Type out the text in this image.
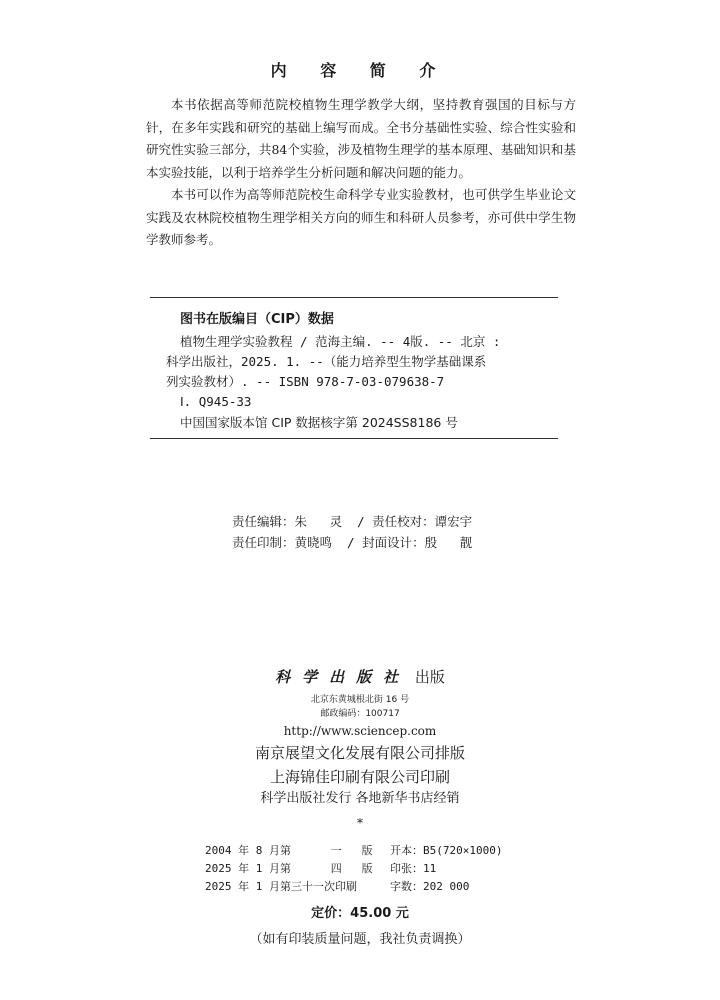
内 容 简 介

本书依据高等师范院校植物生理学教学大纲，坚持教育强国的目标与方针，在多年实践和研究的基础上编写而成。全书分基础性实验、综合性实验和研究性实验三部分，共84个实验，涉及植物生理学的基本原理、基础知识和基本实验技能，以利于培养学生分析问题和解决问题的能力。

本书可以作为高等师范院校生命科学专业实验教材，也可供学生毕业论文实践及农林院校植物生理学相关方向的师生和科研人员参考，亦可供中学生物学教师参考。

图书在版编目（CIP）数据
植物生理学实验教程 / 范海主编. -- 4版. -- 北京 :
科学出版社，2025. 1. --（能力培养型生物学基础课系
列实验教材）. -- ISBN 978-7-03-079638-7
Ⅰ. Q945-33
中国国家版本馆 CIP 数据核字第 2024SS8186 号
责任编辑：朱   灵  / 责任校对：谭宏宇
责任印制：黄晓鸣  / 封面设计：殷   靓
科学出版社 出版
北京东黄城根北街 16 号
邮政编码：100717
http://www.sciencep.com
南京展望文化发展有限公司排版
上海锦佳印刷有限公司印刷
科学出版社发行 各地新华书店经销
*
2004 年 8 月第      一   版	开本：B5(720×1000)
2025 年 1 月第      四   版	印张：11
2025 年 1 月第三十一次印刷	字数：202 000
定价：45.00 元
（如有印装质量问题，我社负责调换）
